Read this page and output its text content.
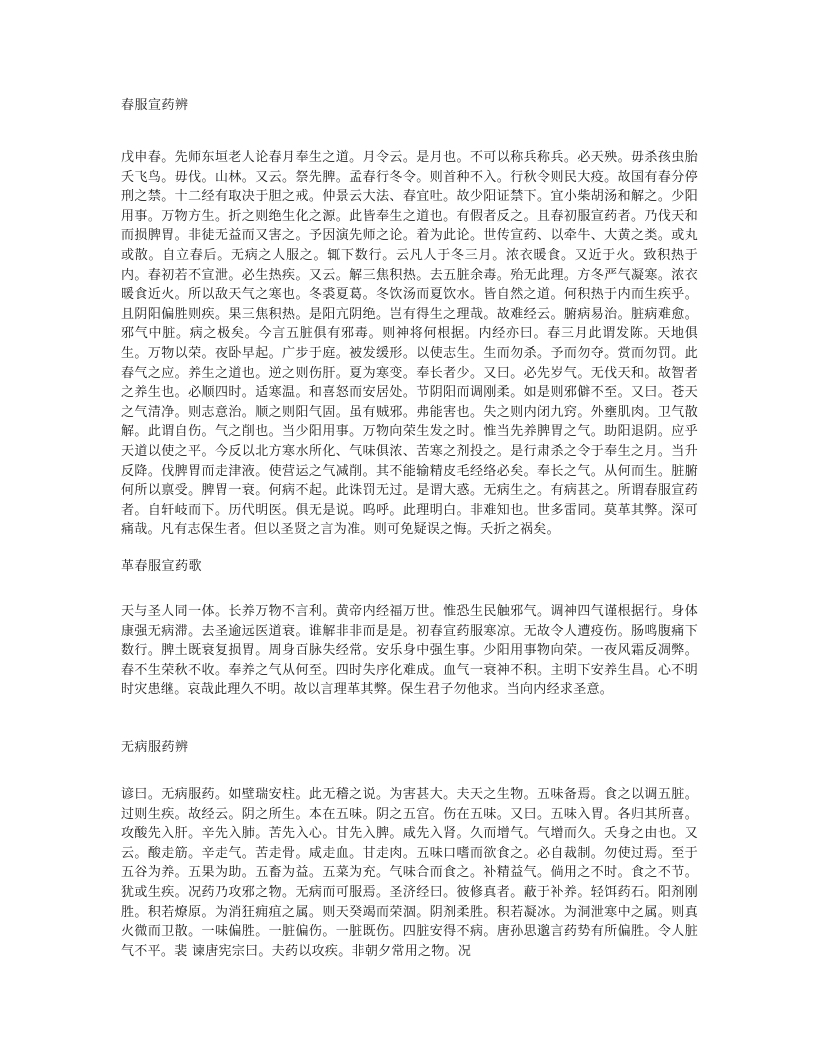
春服宣药辨

戊申春。先师东垣老人论春月奉生之道。月令云。是月也。不可以称兵称兵。必天殃。毋杀孩虫胎夭飞鸟。毋伐。山林。又云。祭先脾。孟春行冬令。则首种不入。行秋令则民大疫。故国有春分停刑之禁。十二经有取决于胆之戒。仲景云大法、春宜吐。故少阳证禁下。宜小柴胡汤和解之。少阳用事。万物方生。折之则绝生化之源。此皆奉生之道也。有假者反之。且春初服宣药者。乃伐天和而损脾胃。非徒无益而又害之。予因演先师之论。着为此论。世传宣药、以牵牛、大黄之类。或丸或散。自立春后。无病之人服之。辄下数行。云凡人于冬三月。浓衣暖食。又近于火。致积热于内。春初若不宣泄。必生热疾。又云。解三焦积热。去五脏余毒。殆无此理。方冬严气凝寒。浓衣暖食近火。所以敌天气之寒也。冬裘夏葛。冬饮汤而夏饮水。皆自然之道。何积热于内而生疾乎。且阴阳偏胜则疾。果三焦积热。是阳亢阴绝。岂有得生之理哉。故难经云。腑病易治。脏病难愈。邪气中脏。病之极矣。今言五脏俱有邪毒。则神将何根据。内经亦曰。春三月此谓发陈。天地俱生。万物以荣。夜卧早起。广步于庭。被发缓形。以使志生。生而勿杀。予而勿夺。赏而勿罚。此春气之应。养生之道也。逆之则伤肝。夏为寒变。奉长者少。又曰。必先岁气。无伐天和。故智者之养生也。必顺四时。适寒温。和喜怒而安居处。节阴阳而调刚柔。如是则邪僻不至。又曰。苍天之气清净。则志意治。顺之则阳气固。虽有贼邪。弗能害也。失之则内闭九窍。外壅肌肉。卫气散解。此谓自伤。气之削也。当少阳用事。万物向荣生发之时。惟当先养脾胃之气。助阳退阴。应乎天道以使之平。今反以北方寒水所化、气味俱浓、苦寒之剂投之。是行肃杀之令于奉生之月。当升反降。伐脾胃而走津液。使营运之气减削。其不能输精皮毛经络必矣。奉长之气。从何而生。脏腑何所以禀受。脾胃一衰。何病不起。此诛罚无过。是谓大惑。无病生之。有病甚之。所谓春服宣药者。自轩岐而下。历代明医。俱无是说。呜呼。此理明白。非难知也。世多雷同。莫革其弊。深可痛哉。凡有志保生者。但以圣贤之言为准。则可免疑误之悔。夭折之祸矣。

革春服宣药歌

天与圣人同一体。长养万物不言利。黄帝内经福万世。惟恐生民触邪气。调神四气谨根据行。身体康强无病滞。去圣逾远医道衰。谁解非非而是是。初春宣药服寒凉。无故令人遭疫伤。肠鸣腹痛下数行。脾土既衰复损胃。周身百脉失经常。安乐身中强生事。少阳用事物向荣。一夜风霜反凋弊。春不生荣秋不收。奉养之气从何至。四时失序化难成。血气一衰神不积。主明下安养生昌。心不明时灾患继。哀哉此理久不明。故以言理革其弊。保生君子勿他求。当向内经求圣意。

无病服药辨

谚曰。无病服药。如壁瑞安柱。此无稽之说。为害甚大。夫天之生物。五味备焉。食之以调五脏。过则生疾。故经云。阴之所生。本在五味。阴之五宫。伤在五味。又曰。五味入胃。各归其所喜。攻酸先入肝。辛先入肺。苦先入心。甘先入脾。咸先入肾。久而增气。气增而久。夭身之由也。又云。酸走筋。辛走气。苦走骨。咸走血。甘走肉。五味口嗜而欲食之。必自裁制。勿使过焉。至于五谷为养。五果为助。五畜为益。五菜为充。气味合而食之。补精益气。倘用之不时。食之不节。犹或生疾。况药乃攻邪之物。无病而可服焉。圣济经曰。彼修真者。蔽于补养。轻饵药石。阳剂刚胜。积若燎原。为消狂痈疽之属。则天癸竭而荣涸。阴剂柔胜。积若凝冰。为洞泄寒中之属。则真火微而卫散。一味偏胜。一脏偏伤。一脏既伤。四脏安得不病。唐孙思邈言药势有所偏胜。令人脏气不平。裴 谏唐宪宗曰。夫药以攻疾。非朝夕常用之物。况
